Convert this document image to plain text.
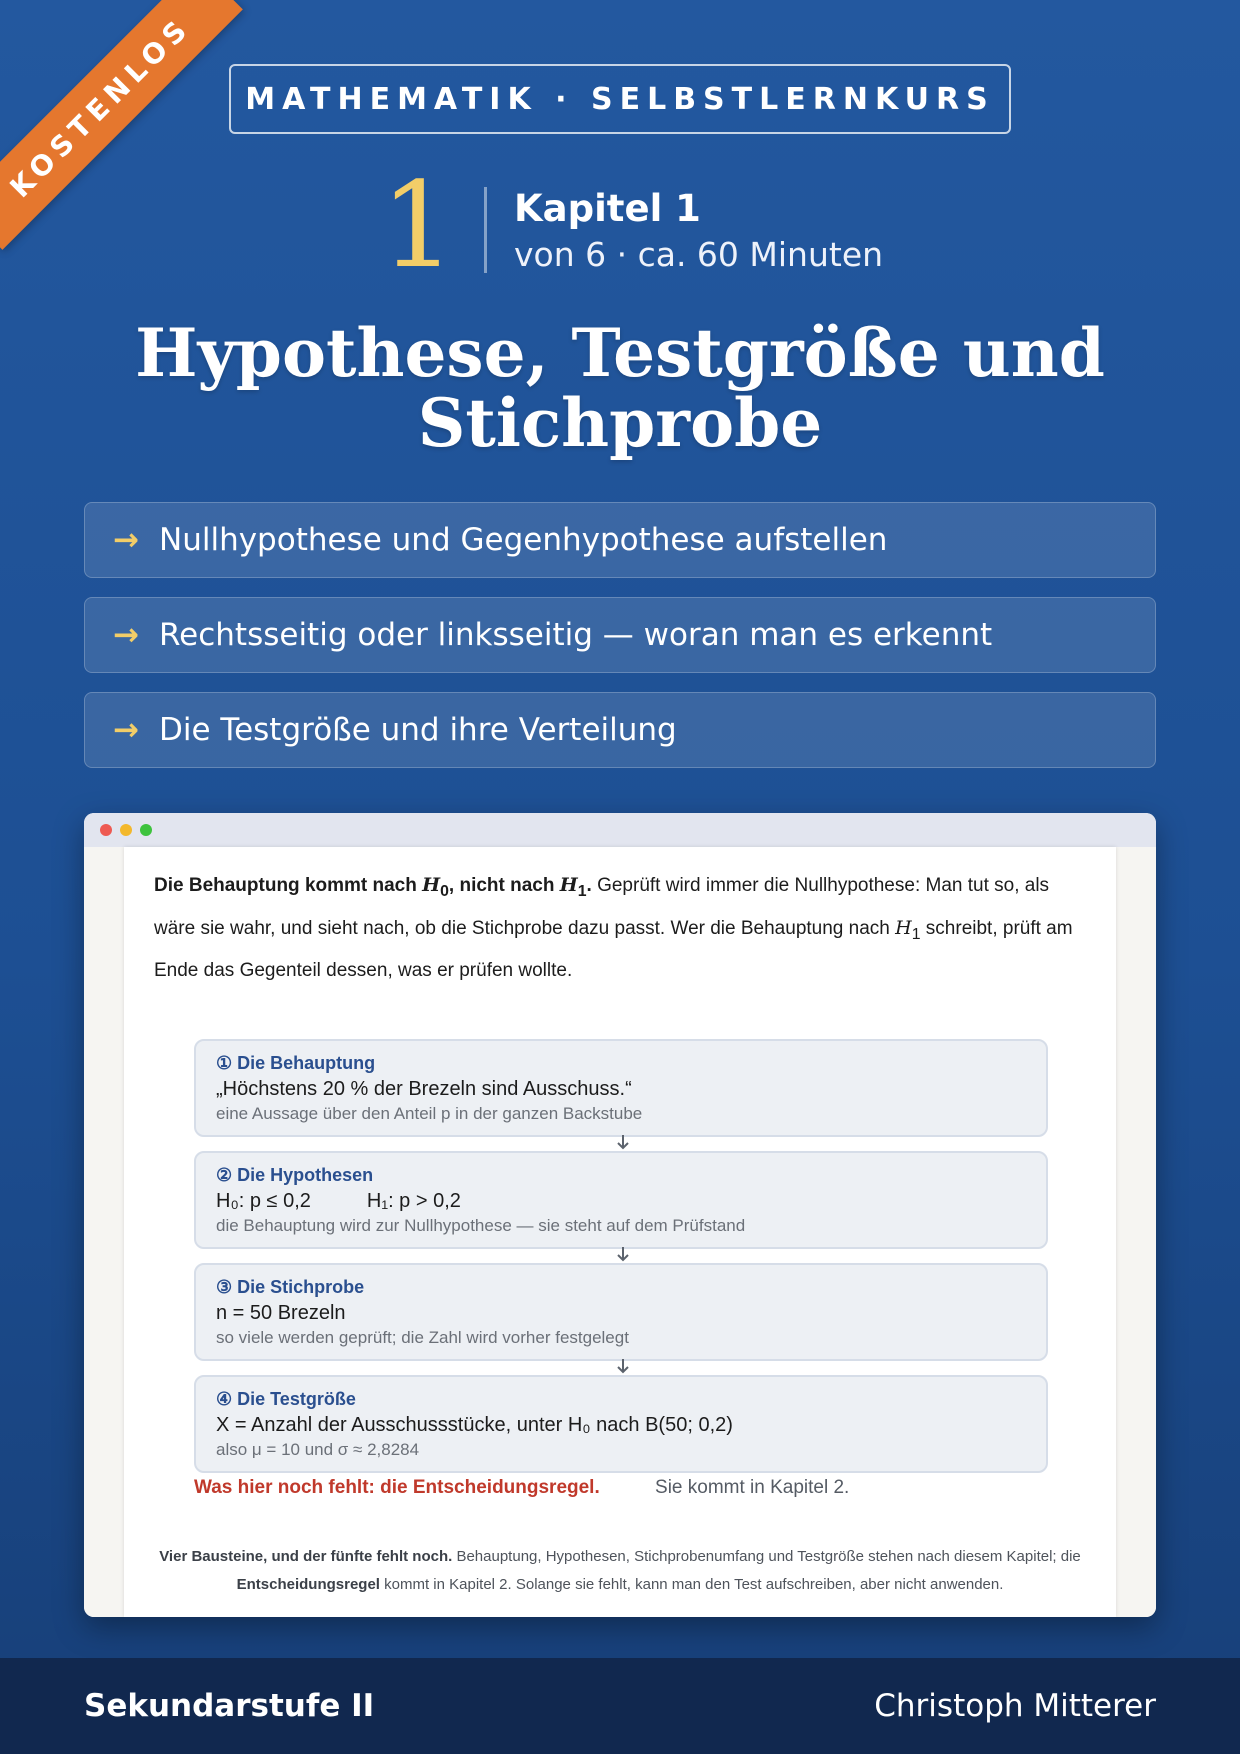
KOSTENLOS	MATHEMATIK · SELBSTLERNKURS
1 Kapitel 1
von 6 · ca. 60 Minuten
Hypothese, Testgröße und
Stichprobe
→ Nullhypothese und Gegenhypothese aufstellen
→ Rechtsseitig oder linksseitig — woran man es erkennt
→ Die Testgröße und ihre Verteilung

Die Behauptung kommt nach $H_0$, nicht nach $H_1$. Geprüft wird immer die Nullhypothese: Man tut so, als wäre sie wahr, und sieht nach, ob die Stichprobe dazu passt. Wer die Behauptung nach $H_1$ schreibt, prüft am Ende das Gegenteil dessen, was er prüfen wollte.

① Die Behauptung
„Höchstens 20 % der Brezeln sind Ausschuss.“
eine Aussage über den Anteil p in der ganzen Backstube
② Die Hypothesen
H₀: p ≤ 0,2	H₁: p > 0,2
die Behauptung wird zur Nullhypothese — sie steht auf dem Prüfstand
③ Die Stichprobe
n = 50 Brezeln
so viele werden geprüft; die Zahl wird vorher festgelegt
④ Die Testgröße
X = Anzahl der Ausschussstücke, unter H₀ nach B(50; 0,2)
also μ = 10 und σ ≈ 2,8284
Was hier noch fehlt: die Entscheidungsregel.	Sie kommt in Kapitel 2.

Vier Bausteine, und der fünfte fehlt noch. Behauptung, Hypothesen, Stichprobenumfang und Testgröße stehen nach diesem Kapitel; die Entscheidungsregel kommt in Kapitel 2. Solange sie fehlt, kann man den Test aufschreiben, aber nicht anwenden.

Sekundarstufe II	Christoph Mitterer
